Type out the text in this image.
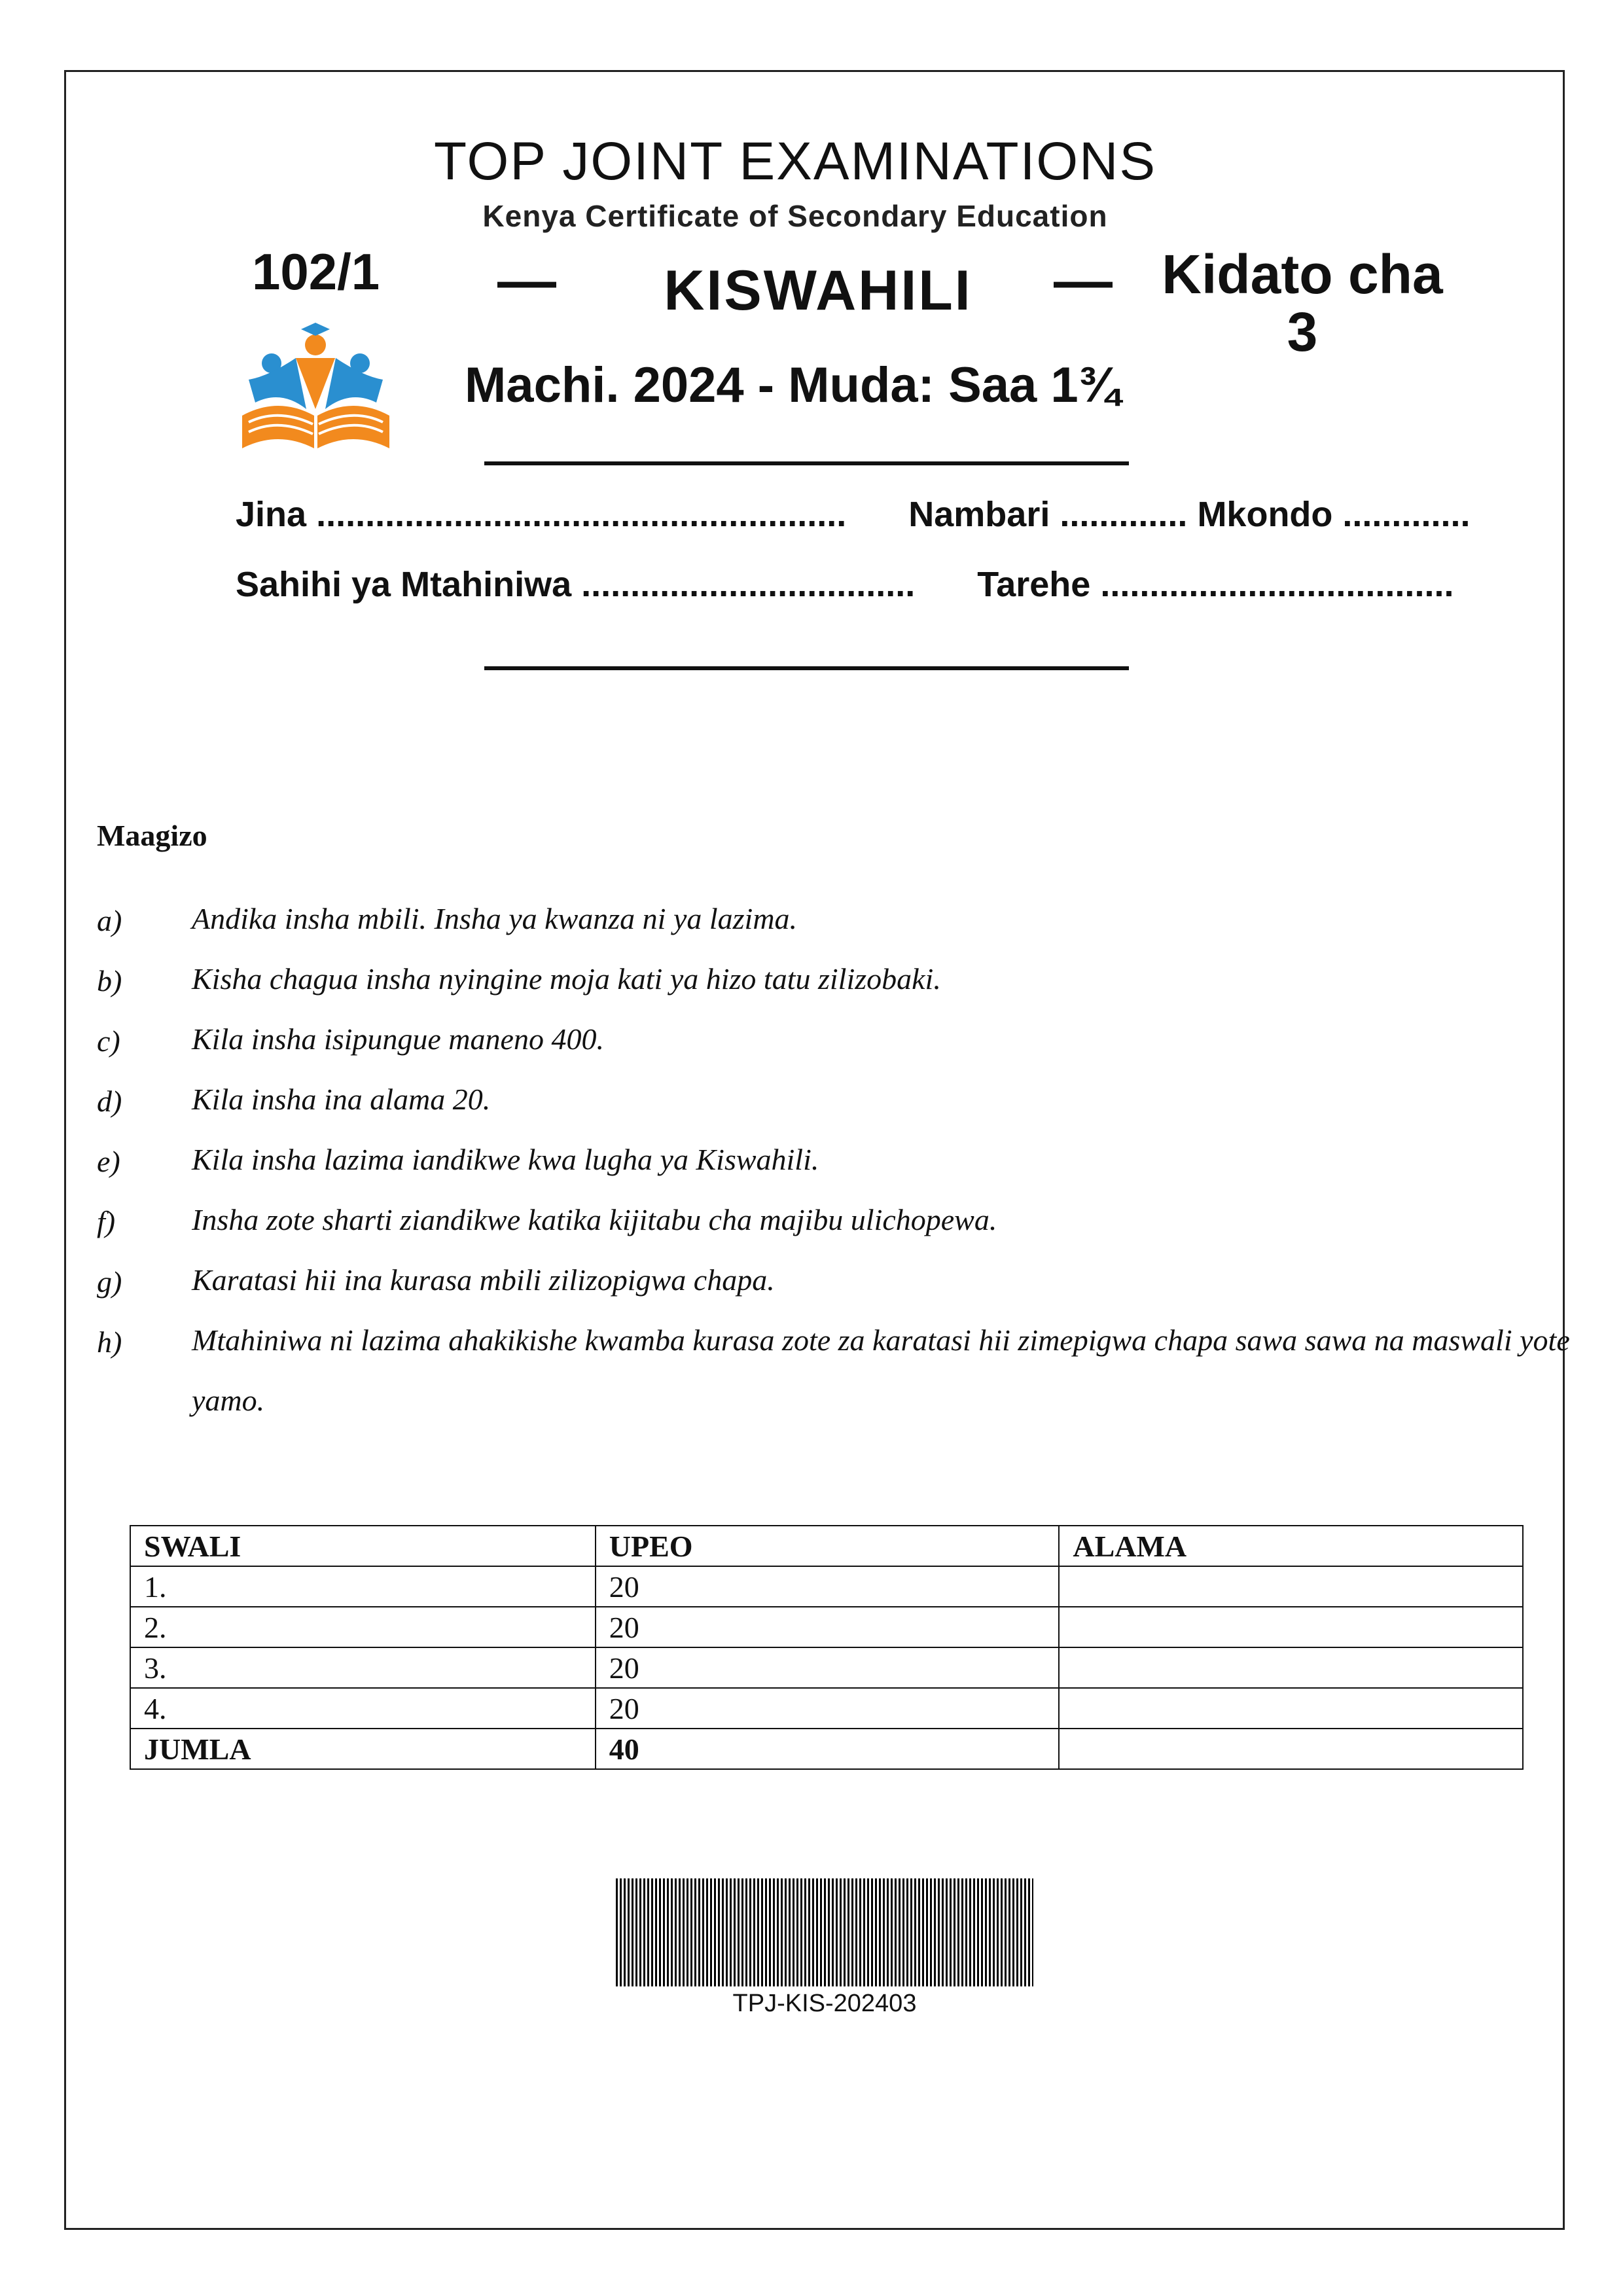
TOP JOINT EXAMINATIONS
Kenya Certificate of Secondary Education
102/1 —	KISWAHILI	— Kidato cha
3
Machi. 2024 - Muda: Saa 1¾
Jina ...................................................... Nambari ............. Mkondo .............
Sahihi ya Mtahiniwa .................................. Tarehe ....................................
Maagizo
a) Andika insha mbili. Insha ya kwanza ni ya lazima.
b) Kisha chagua insha nyingine moja kati ya hizo tatu zilizobaki.
c) Kila insha isipungue maneno 400.
d) Kila insha ina alama 20.
e) Kila insha lazima iandikwe kwa lugha ya Kiswahili.
f)	Insha zote sharti ziandikwe katika kijitabu cha majibu ulichopewa.
g) Karatasi hii ina kurasa mbili zilizopigwa chapa.
h) Mtahiniwa ni lazima ahakikishe kwamba kurasa zote za karatasi hii zimepigwa chapa sawa sawa na maswali yote yamo.
SWALI	UPEO	ALAMA
1.	20	
2.	20	
3.	20	
4.	20	
JUMLA	40	
TPJ-KIS-202403
